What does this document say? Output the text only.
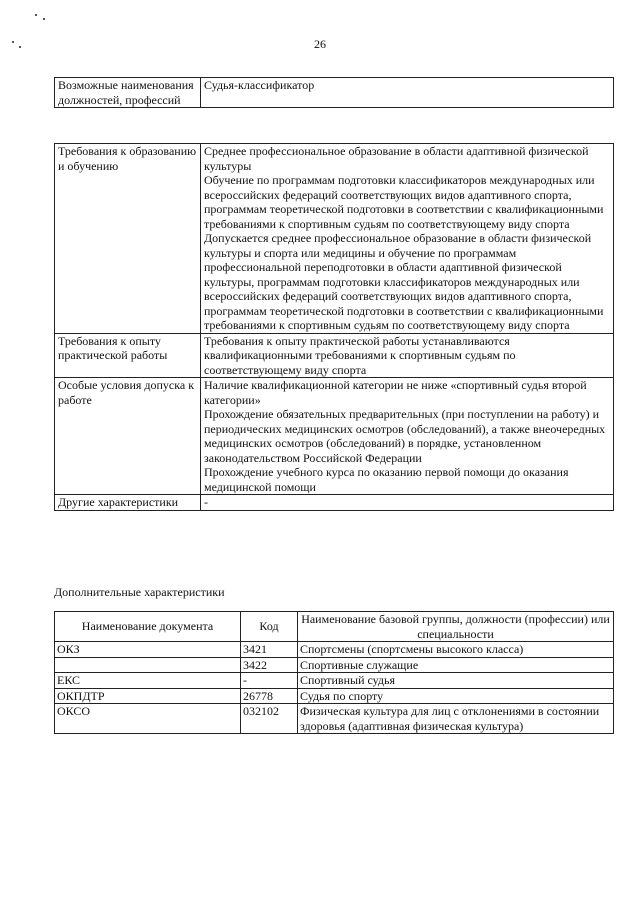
26
Возможные наименования должностей, профессий	Судья-классификатор
Требования к образованию и обучению	Среднее профессиональное образование в области адаптивной физической культуры
Обучение по программам подготовки классификаторов международных или всероссийских федераций соответствующих видов адаптивного спорта, программам теоретической подготовки в соответствии с квалификационными требованиями к спортивным судьям по соответствующему виду спорта
Допускается среднее профессиональное образование в области физической культуры и спорта или медицины и обучение по программам профессиональной переподготовки в области адаптивной физической культуры, программам подготовки классификаторов международных или всероссийских федераций соответствующих видов адаптивного спорта, программам теоретической подготовки в соответствии с квалификационными требованиями к спортивным судьям по соответствующему виду спорта

Требования к опыту практической работы	Требования к опыту практической работы устанавливаются квалификационными требованиями к спортивным судьям по соответствующему виду спорта

Особые условия допуска к работе	Наличие квалификационной категории не ниже «спортивный судья второй категории»
Прохождение обязательных предварительных (при поступлении на работу) и периодических медицинских осмотров (обследований), а также внеочередных медицинских осмотров (обследований) в порядке, установленном законодательством Российской Федерации
Прохождение учебного курса по оказанию первой помощи до оказания медицинской помощи

Другие характеристики	-
Дополнительные характеристики
Наименование документа	Код	Наименование базовой группы, должности (профессии) или специальности
ОКЗ	3421	Спортсмены (спортсмены высокого класса)
	3422	Спортивные служащие
ЕКС	-	Спортивный судья
ОКПДТР	26778	Судья по спорту
ОКСО	032102	Физическая культура для лиц с отклонениями в состоянии здоровья (адаптивная физическая культура)
